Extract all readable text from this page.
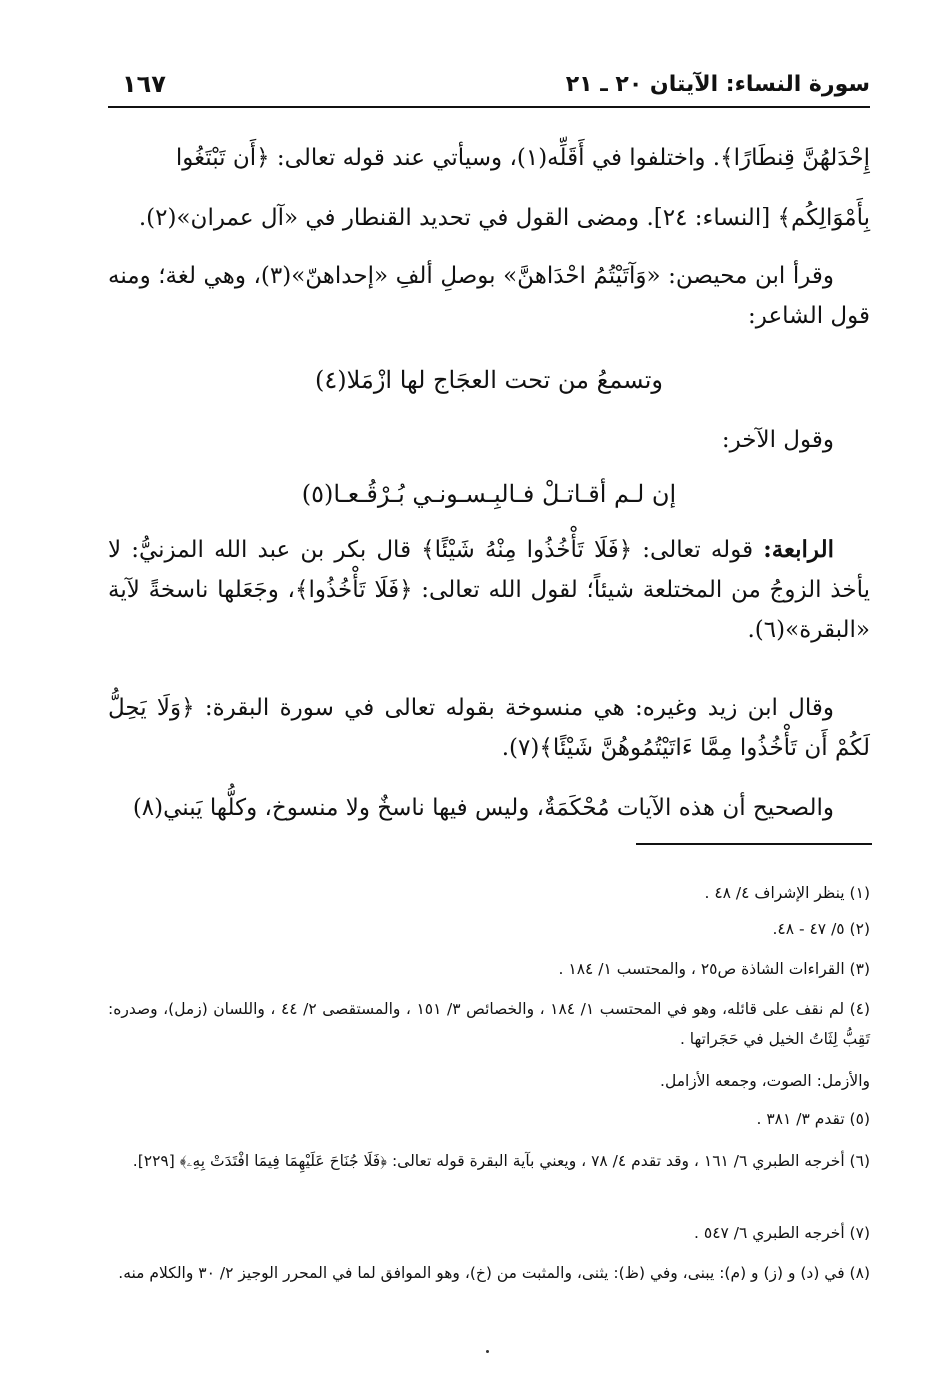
سورة النساء: الآيتان ٢٠ ـ ٢١
١٦٧

إِحْدَلهُنَّ قِنطَارًا﴾. واختلفوا في أَقَلِّه(١)، وسيأتي عند قوله تعالى: ﴿أَن تَبْتَغُوا

بِأَمْوَالِكُم﴾ [النساء: ٢٤]. ومضى القول في تحديد القنطار في «آل عمران»(٢).

وقرأ ابن محيصن: «وَآتَيْتُمُ احْدَاهنَّ» بوصلِ ألفِ «إحداهنّ»(٣)، وهي لغة؛ ومنه قول الشاعر:

وتسمعُ من تحت العجَاج لها ازْمَلا(٤)

وقول الآخر:

إن لـم أقـاتـلْ فـالبِـسـونـي بُـرْقُـعـا(٥)

الرابعة: قوله تعالى: ﴿فَلَا تَأْخُذُوا مِنْهُ شَيْئًا﴾ قال بكر بن عبد الله المزنيُّ: لا يأخذ الزوجُ من المختلعة شيئاً؛ لقول الله تعالى: ﴿فَلَا تَأْخُذُوا﴾، وجَعَلها ناسخةً لآية «البقرة»(٦).

وقال ابن زيد وغيره: هي منسوخة بقوله تعالى في سورة البقرة: ﴿وَلَا يَحِلُّ لَكُمْ أَن تَأْخُذُوا مِمَّا ءَاتَيْتُمُوهُنَّ شَيْئًا﴾(٧).

والصحيح أن هذه الآيات مُحْكَمَةٌ، وليس فيها ناسخٌ ولا منسوخ، وكلُّها يَبني(٨)

(١) ينظر الإشراف ٤/ ٤٨ .

(٢) ٥/ ٤٧ - ٤٨.

(٣) القراءات الشاذة ص٢٥ ، والمحتسب ١/ ١٨٤ .

(٤) لم نقف على قائله، وهو في المحتسب ١/ ١٨٤ ، والخصائص ٣/ ١٥١ ، والمستقصى ٢/ ٤٤ ، واللسان (زمل)، وصدره: تَقِبُّ لِثَاتُ الخيل في حَجَراتها .

والأزمل: الصوت، وجمعه الأزامل.

(٥) تقدم ٣/ ٣٨١ .

(٦) أخرجه الطبري ٦/ ١٦١ ، وقد تقدم ٤/ ٧٨ ، ويعني بآية البقرة قوله تعالى: ﴿فَلَا جُنَاحَ عَلَيْهِمَا فِيمَا افْتَدَتْ بِهِۦ﴾ [٢٢٩].

(٧) أخرجه الطبري ٦/ ٥٤٧ .

(٨) في (د) و (ز) و (م): يبنى، وفي (ظ): يثنى، والمثبت من (خ)، وهو الموافق لما في المحرر الوجيز ٢/ ٣٠ والكلام منه.
